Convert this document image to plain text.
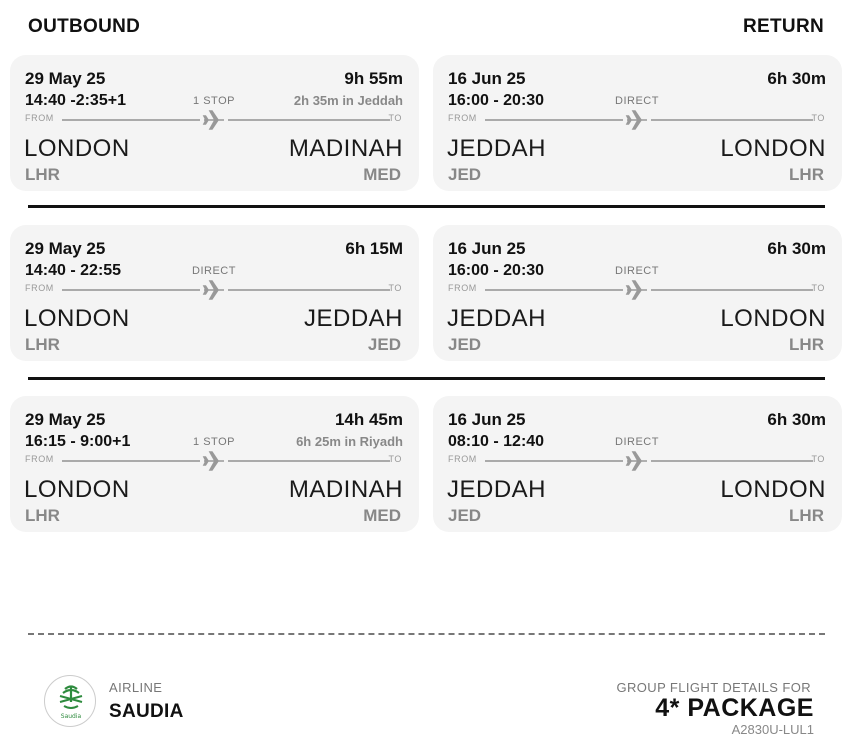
OUTBOUND	RETURN
29 May 25	9h 55m
14:40 -2:35+1	1 STOP	2h 35m in Jeddah
FROM	TO
LONDON	MADINAH
LHR	MED
16 Jun 25	6h 30m
16:00 - 20:30	DIRECT
FROM	TO
JEDDAH	LONDON
JED	LHR
29 May 25	6h 15M
14:40 - 22:55	DIRECT
FROM	TO
LONDON	JEDDAH
LHR	JED
16 Jun 25	6h 30m
16:00 - 20:30	DIRECT
FROM	TO
JEDDAH	LONDON
JED	LHR
29 May 25	14h 45m
16:15 - 9:00+1	1 STOP	6h 25m in Riyadh
FROM	TO
LONDON	MADINAH
LHR	MED
16 Jun 25	6h 30m
08:10 - 12:40	DIRECT
FROM	TO
JEDDAH	LONDON
JED	LHR
Saudia
AIRLINE
SAUDIA
GROUP FLIGHT DETAILS FOR
4* PACKAGE
A2830U-LUL1
